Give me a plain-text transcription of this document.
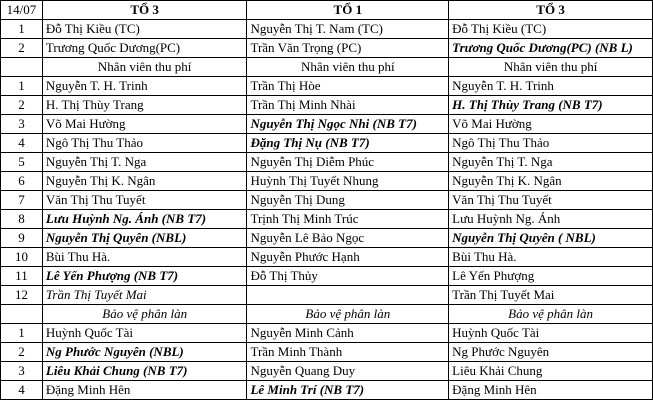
14/07	TỔ 3	TỔ 1	TỔ 3
1	Đỗ Thị Kiều (TC)	Nguyễn Thị T. Nam (TC)	Đỗ Thị Kiều (TC)
2	Trương Quốc Dương(PC)	Trần Văn Trọng (PC)	Trương Quốc Dương(PC) (NB L)
	Nhân viên thu phí	Nhân viên thu phí	Nhân viên thu phí
1	Nguyễn T. H. Trinh	Trần Thị Hòe	Nguyễn T. H. Trinh
2	H. Thị Thùy Trang	Trần Thị Minh Nhài	H. Thị Thùy Trang (NB T7)
3	Võ Mai Hường	Nguyễn Thị Ngọc Nhi (NB T7)	Võ Mai Hường
4	Ngô Thị Thu Thảo	Đặng Thị Nụ (NB T7)	Ngô Thị Thu Thảo
5	Nguyễn Thị T. Nga	Nguyễn Thị Diễm Phúc	Nguyễn Thị T. Nga
6	Nguyễn Thị K. Ngân	Huỳnh Thị Tuyết Nhung	Nguyễn Thị K. Ngân
7	Văn Thị Thu Tuyết	Nguyễn Thị Dung	Văn Thị Thu Tuyết
8	Lưu Huỳnh Ng. Ánh (NB T7)	Trịnh Thị Minh Trúc	Lưu Huỳnh Ng. Ánh
9	Nguyễn Thị Quyên (NBL)	Nguyễn Lê Bảo Ngọc	Nguyễn Thị Quyên ( NBL)
10	Bùi Thu Hà.	Nguyễn Phước Hạnh	Bùi Thu Hà.
11	Lê Yến Phượng (NB T7)	Đỗ Thị Thủy	Lê Yến Phượng
12	Trần Thị Tuyết Mai		Trần Thị Tuyết Mai
	Bảo vệ phân làn	Bảo vệ phân làn	Bảo vệ phân làn
1	Huỳnh Quốc Tài	Nguyễn Minh Cảnh	Huỳnh Quốc Tài
2	Ng Phước Nguyên (NBL)	Trần Minh Thành	Ng Phước Nguyên
3	Liêu Khải Chung (NB T7)	Nguyễn Quang Duy	Liêu Khải Chung
4	Đặng Minh Hên	Lê Minh Trí (NB T7)	Đặng Minh Hên
